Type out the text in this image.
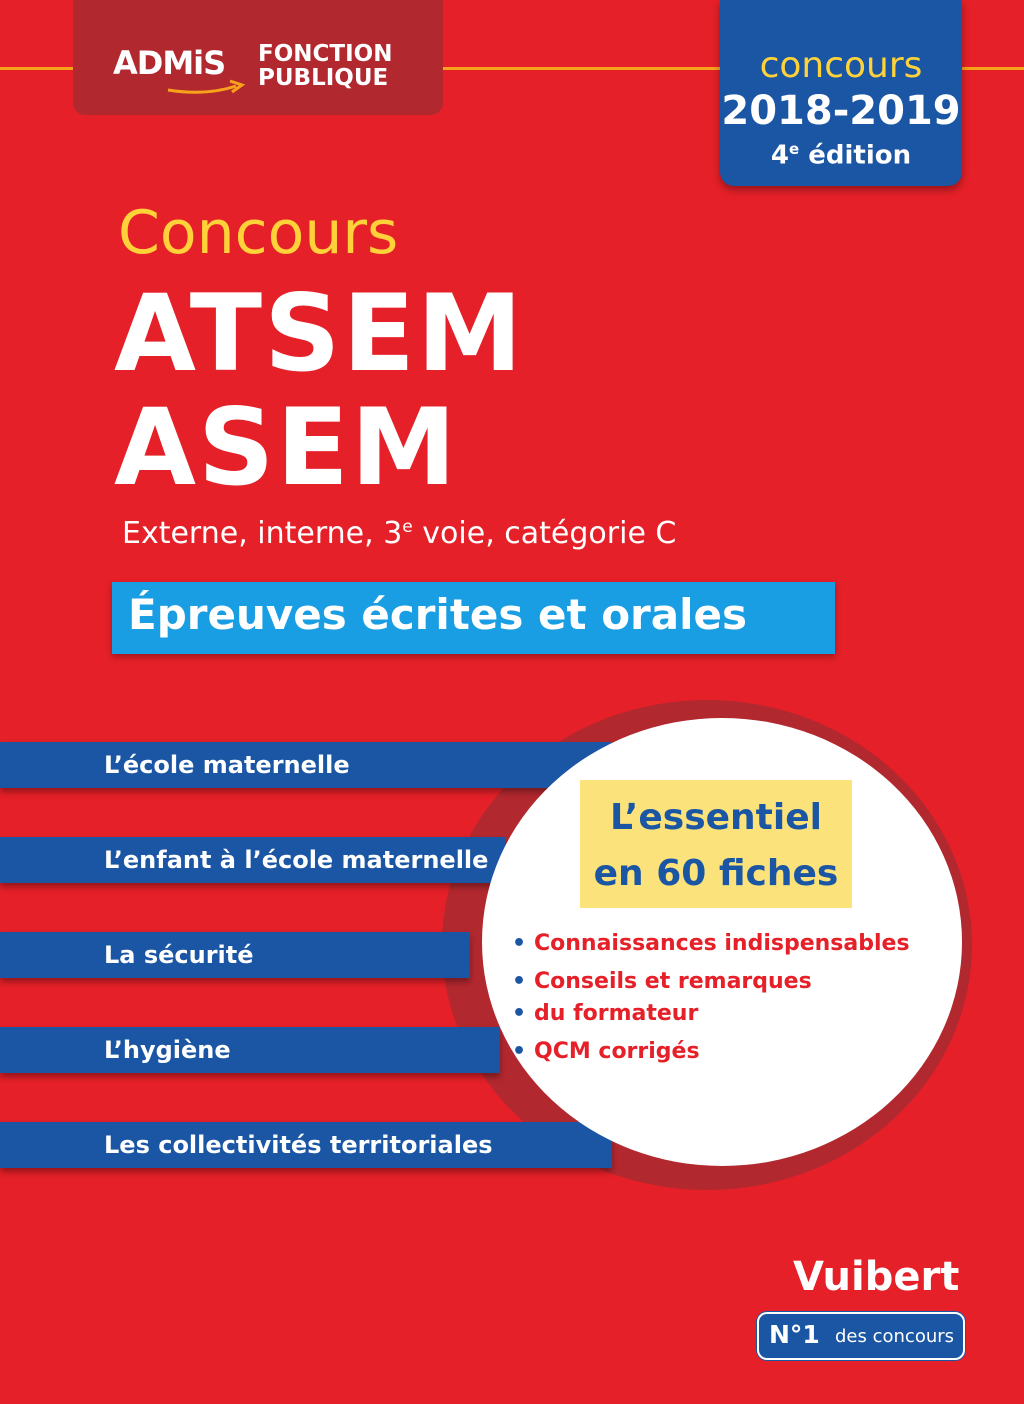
ADMiS FONCTION
PUBLIQUE	concours
2018-2019
4e édition
Concours
ATSEM
ASEM
Externe, interne, 3e voie, catégorie C
Épreuves écrites et orales
L’école maternelle
L’enfant à l’école maternelle
La sécurité
L’hygiène
Les collectivités territoriales
L’essentiel
en 60 fiches
• Connaissances indispensables
• Conseils et remarques
• du formateur
• QCM corrigés
Vuibert
N°1 des concours
